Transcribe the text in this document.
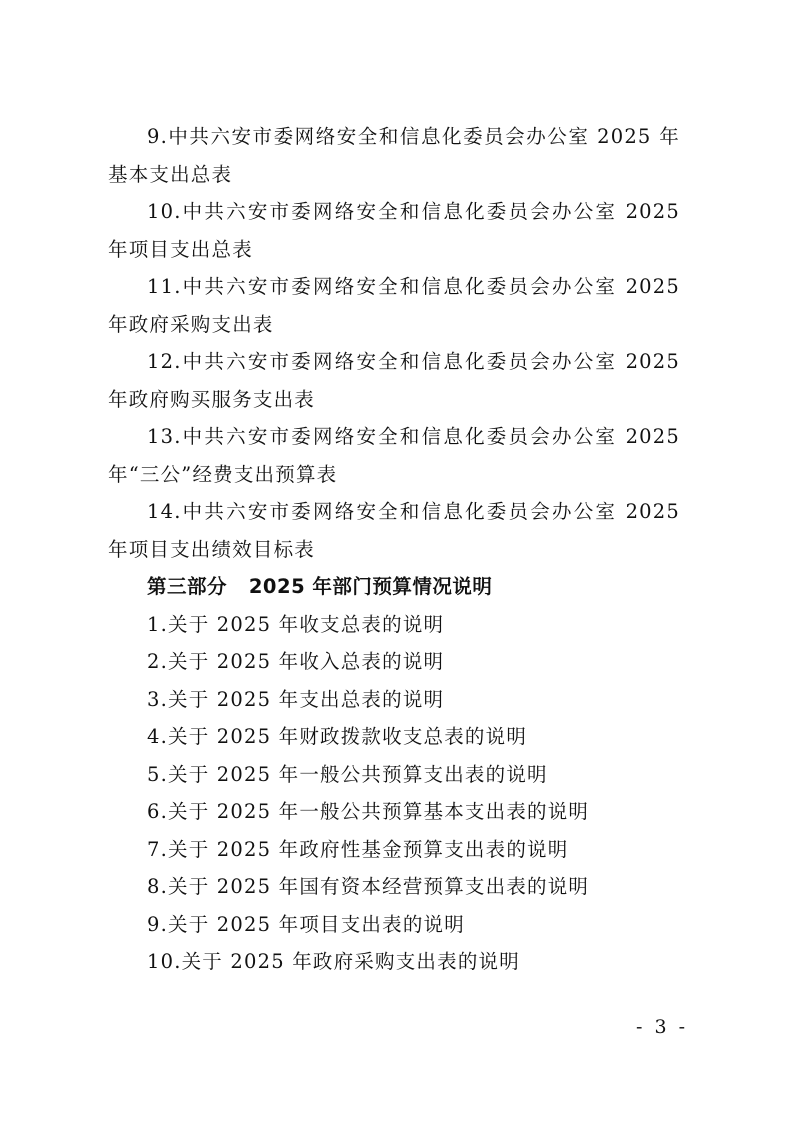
9.中共六安市委网络安全和信息化委员会办公室 2025 年基本支出总表

10.中共六安市委网络安全和信息化委员会办公室 2025 年项目支出总表

11.中共六安市委网络安全和信息化委员会办公室 2025 年政府采购支出表

12.中共六安市委网络安全和信息化委员会办公室 2025 年政府购买服务支出表

13.中共六安市委网络安全和信息化委员会办公室 2025 年“三公”经费支出预算表

14.中共六安市委网络安全和信息化委员会办公室 2025 年项目支出绩效目标表

第三部分   2025 年部门预算情况说明

1.关于 2025 年收支总表的说明

2.关于 2025 年收入总表的说明

3.关于 2025 年支出总表的说明

4.关于 2025 年财政拨款收支总表的说明

5.关于 2025 年一般公共预算支出表的说明

6.关于 2025 年一般公共预算基本支出表的说明

7.关于 2025 年政府性基金预算支出表的说明

8.关于 2025 年国有资本经营预算支出表的说明

9.关于 2025 年项目支出表的说明

10.关于 2025 年政府采购支出表的说明

- 3 -
